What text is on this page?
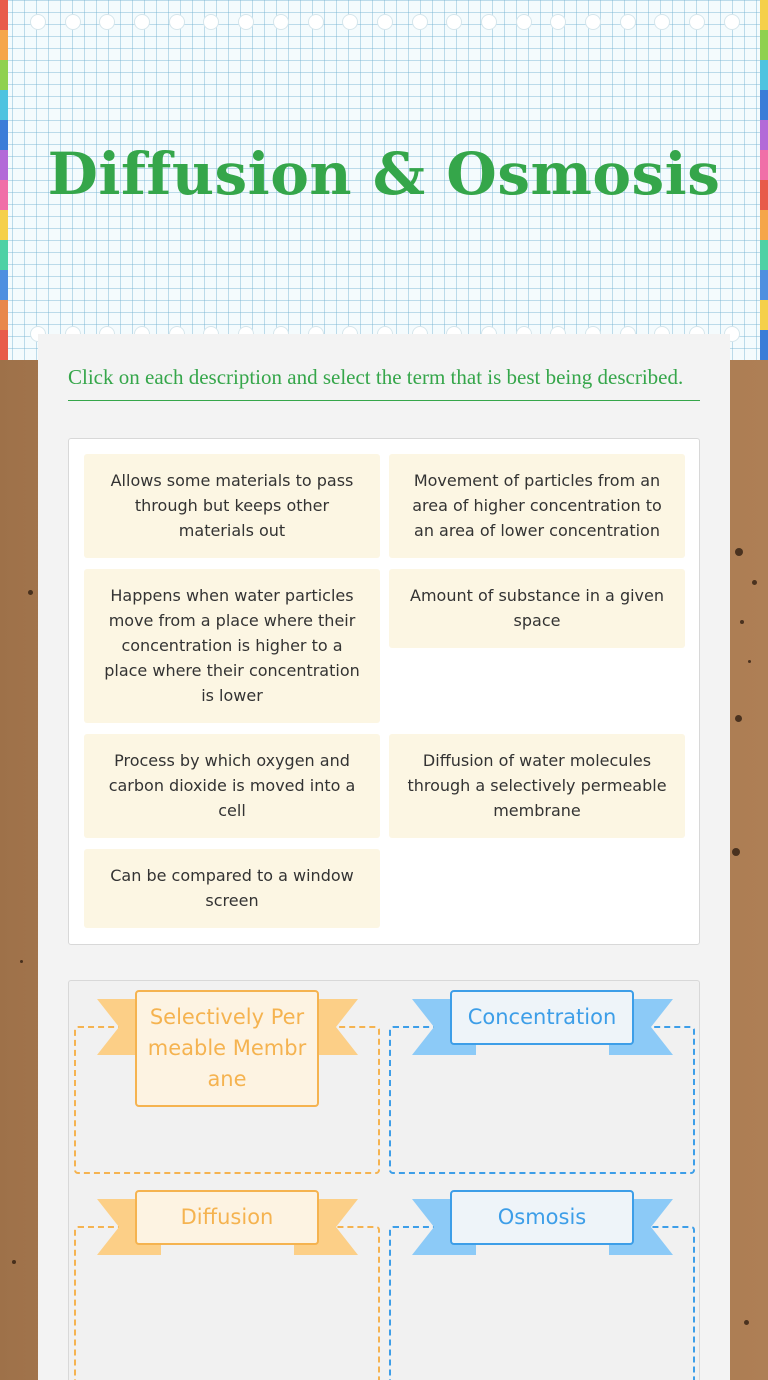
Diffusion & Osmosis

Click on each description and select the term that is best being described.

Allows some materials to pass through but keeps other materials out
Movement of particles from an area of higher concentration to an area of lower concentration
Happens when water particles move from a place where their concentration is higher to a place where their concentration is lower
Amount of substance in a given space
Process by which oxygen and carbon dioxide is moved into a cell
Diffusion of water molecules through a selectively permeable membrane
Can be compared to a window screen
Selectively Permeable Membrane
Concentration
Diffusion	Osmosis
